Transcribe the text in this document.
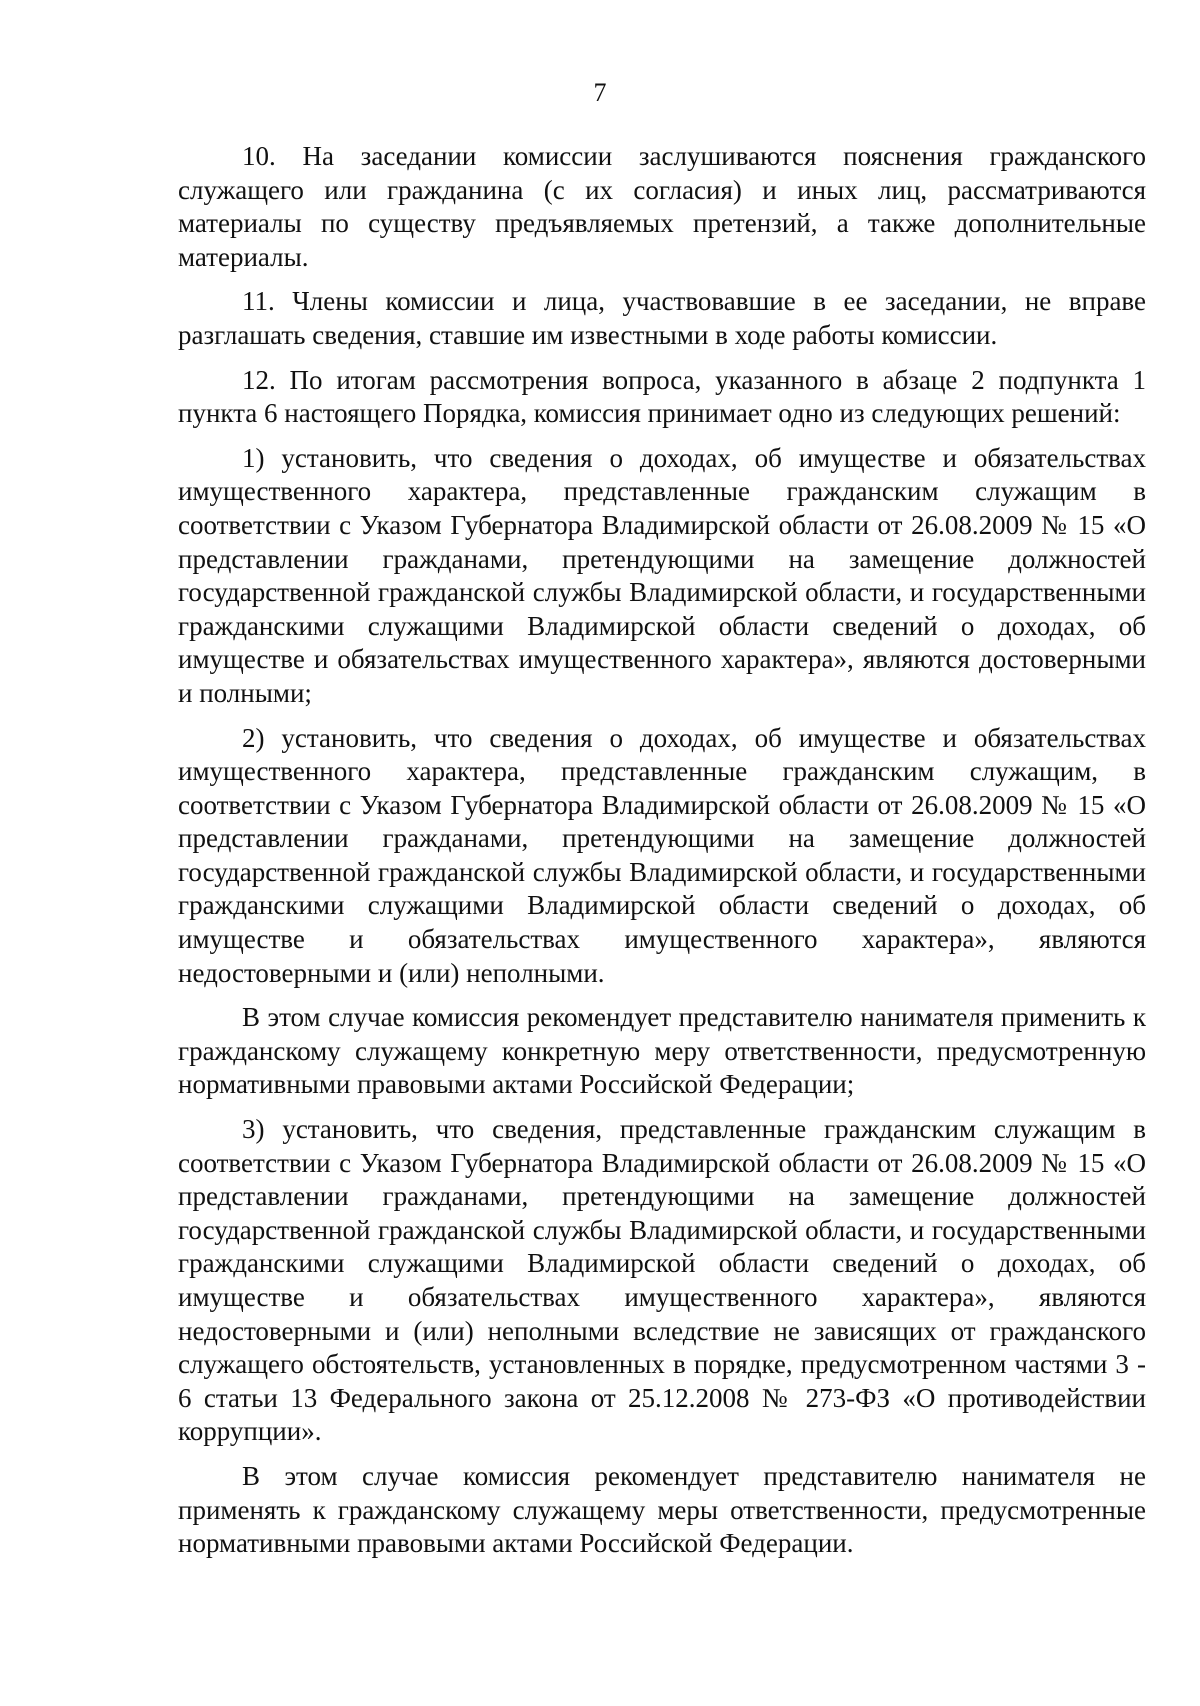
7

10. На заседании комиссии заслушиваются пояснения гражданского служащего или гражданина (с их согласия) и иных лиц, рассматриваются материалы по существу предъявляемых претензий, а также дополнительные материалы.

11. Члены комиссии и лица, участвовавшие в ее заседании, не вправе разглашать сведения, ставшие им известными в ходе работы комиссии.

12. По итогам рассмотрения вопроса, указанного в абзаце 2 подпункта 1 пункта 6 настоящего Порядка, комиссия принимает одно из следующих решений:

1) установить, что сведения о доходах, об имуществе и обязательствах имущественного характера, представленные гражданским служащим в соответствии с Указом Губернатора Владимирской области от 26.08.2009 № 15 «О представлении гражданами, претендующими на замещение должностей государственной гражданской службы Владимирской области, и государственными гражданскими служащими Владимирской области сведений о доходах, об имуществе и обязательствах имущественного характера», являются достоверными и полными;

2) установить, что сведения о доходах, об имуществе и обязательствах имущественного характера, представленные гражданским служащим, в соответствии с Указом Губернатора Владимирской области от 26.08.2009 № 15 «О представлении гражданами, претендующими на замещение должностей государственной гражданской службы Владимирской области, и государственными гражданскими служащими Владимирской области сведений о доходах, об имуществе и обязательствах имущественного характера», являются недостоверными и (или) неполными.

В этом случае комиссия рекомендует представителю нанимателя применить к гражданскому служащему конкретную меру ответственности, предусмотренную нормативными правовыми актами Российской Федерации;

3) установить, что сведения, представленные гражданским служащим в соответствии с Указом Губернатора Владимирской области от 26.08.2009 № 15 «О представлении гражданами, претендующими на замещение должностей государственной гражданской службы Владимирской области, и государственными гражданскими служащими Владимирской области сведений о доходах, об имуществе и обязательствах имущественного характера», являются недостоверными и (или) неполными вследствие не зависящих от гражданского служащего обстоятельств, установленных в порядке, предусмотренном частями 3 - 6 статьи 13 Федерального закона от 25.12.2008 № 273-ФЗ «О противодействии коррупции».

В этом случае комиссия рекомендует представителю нанимателя не применять к гражданскому служащему меры ответственности, предусмотренные нормативными правовыми актами Российской Федерации.
